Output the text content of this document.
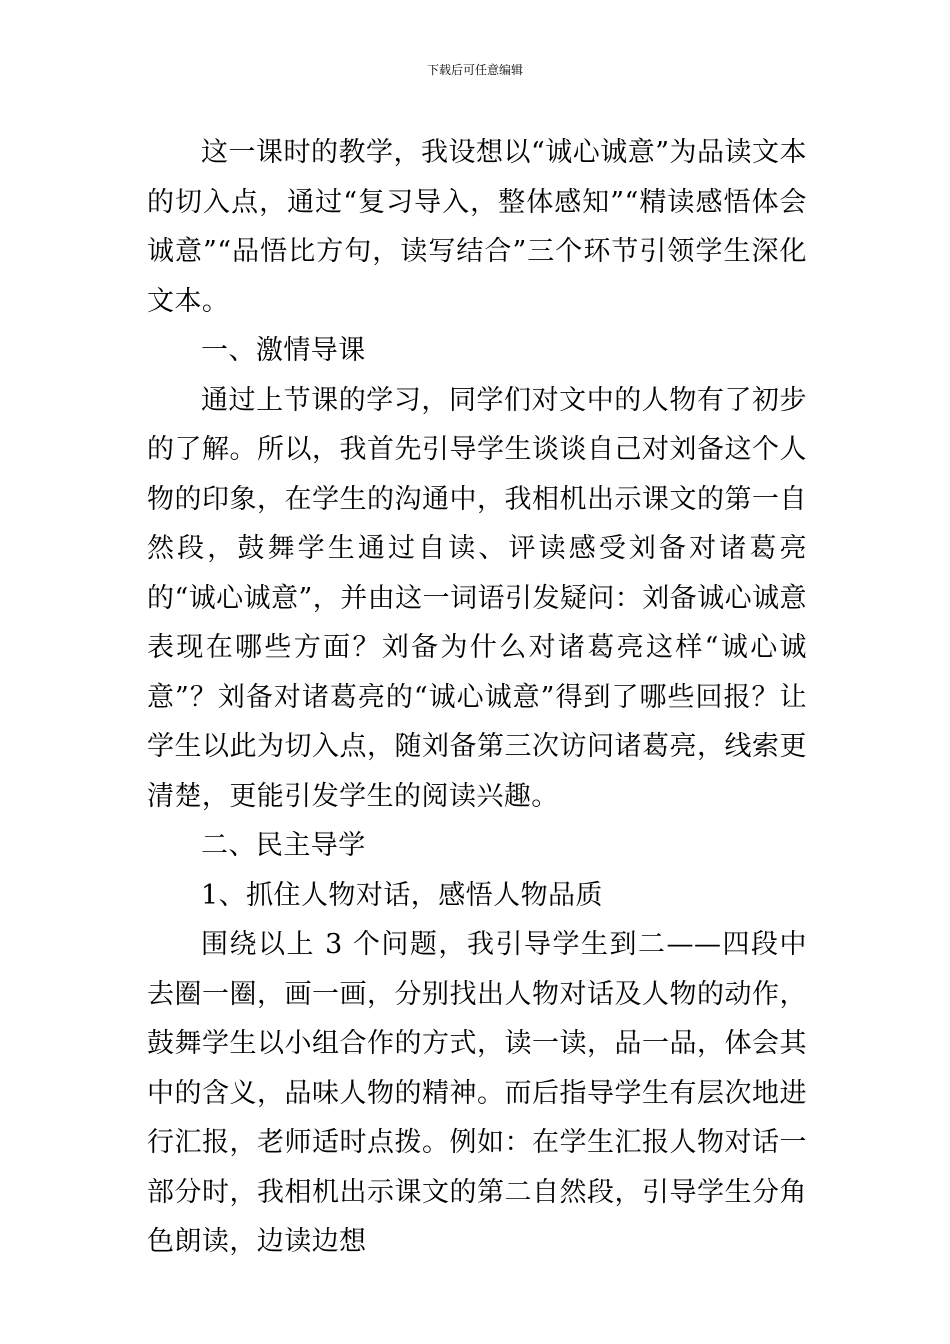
下载后可任意编辑

这一课时的教学，我设想以“诚心诚意”为品读文本的切入点，通过“复习导入，整体感知”“精读感悟体会诚意”“品悟比方句，读写结合”三个环节引领学生深化文本。

一、激情导课

通过上节课的学习，同学们对文中的人物有了初步的了解。所以，我首先引导学生谈谈自己对刘备这个人物的印象，在学生的沟通中，我相机出示课文的第一自然段，鼓舞学生通过自读、评读感受刘备对诸葛亮的“诚心诚意”，并由这一词语引发疑问：刘备诚心诚意表现在哪些方面？刘备为什么对诸葛亮这样“诚心诚意”？刘备对诸葛亮的“诚心诚意”得到了哪些回报？让学生以此为切入点，随刘备第三次访问诸葛亮，线索更清楚，更能引发学生的阅读兴趣。

二、民主导学

1、抓住人物对话，感悟人物品质

围绕以上 3 个问题，我引导学生到二——四段中去圈一圈，画一画，分别找出人物对话及人物的动作，鼓舞学生以小组合作的方式，读一读，品一品，体会其中的含义，品味人物的精神。而后指导学生有层次地进行汇报，老师适时点拨。例如：在学生汇报人物对话一部分时，我相机出示课文的第二自然段，引导学生分角色朗读，边读边想
